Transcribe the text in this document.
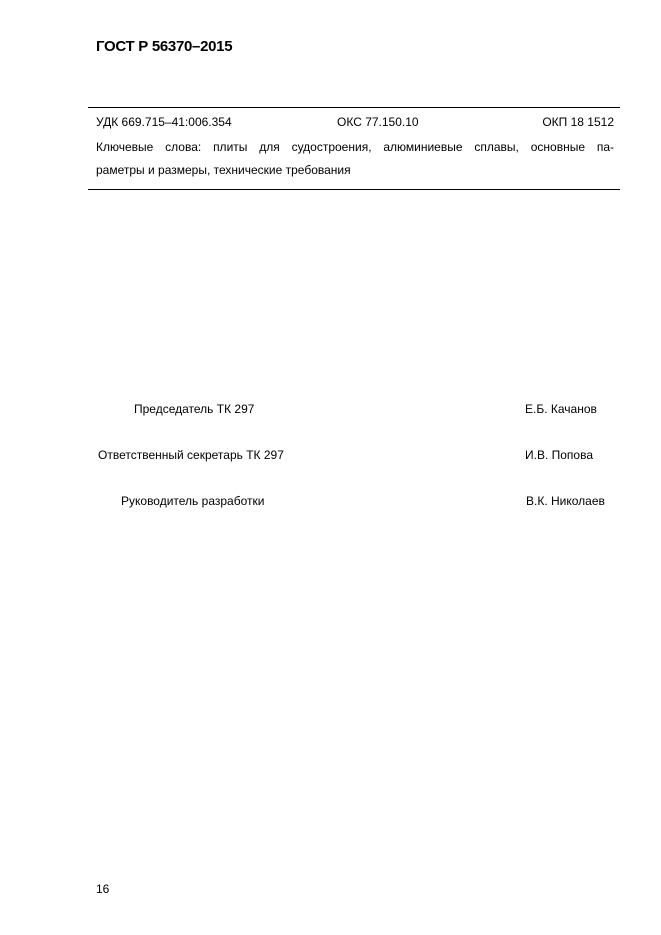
ГОСТ Р 56370–2015
УДК 669.715–41:006.354	ОКС 77.150.10	ОКП 18 1512
Ключевые слова: плиты для судостроения, алюминиевые сплавы, основные па-
раметры и размеры, технические требования
Председатель ТК 297	Е.Б. Качанов
Ответственный секретарь ТК 297	И.В. Попова
Руководитель разработки	В.К. Николаев
16
